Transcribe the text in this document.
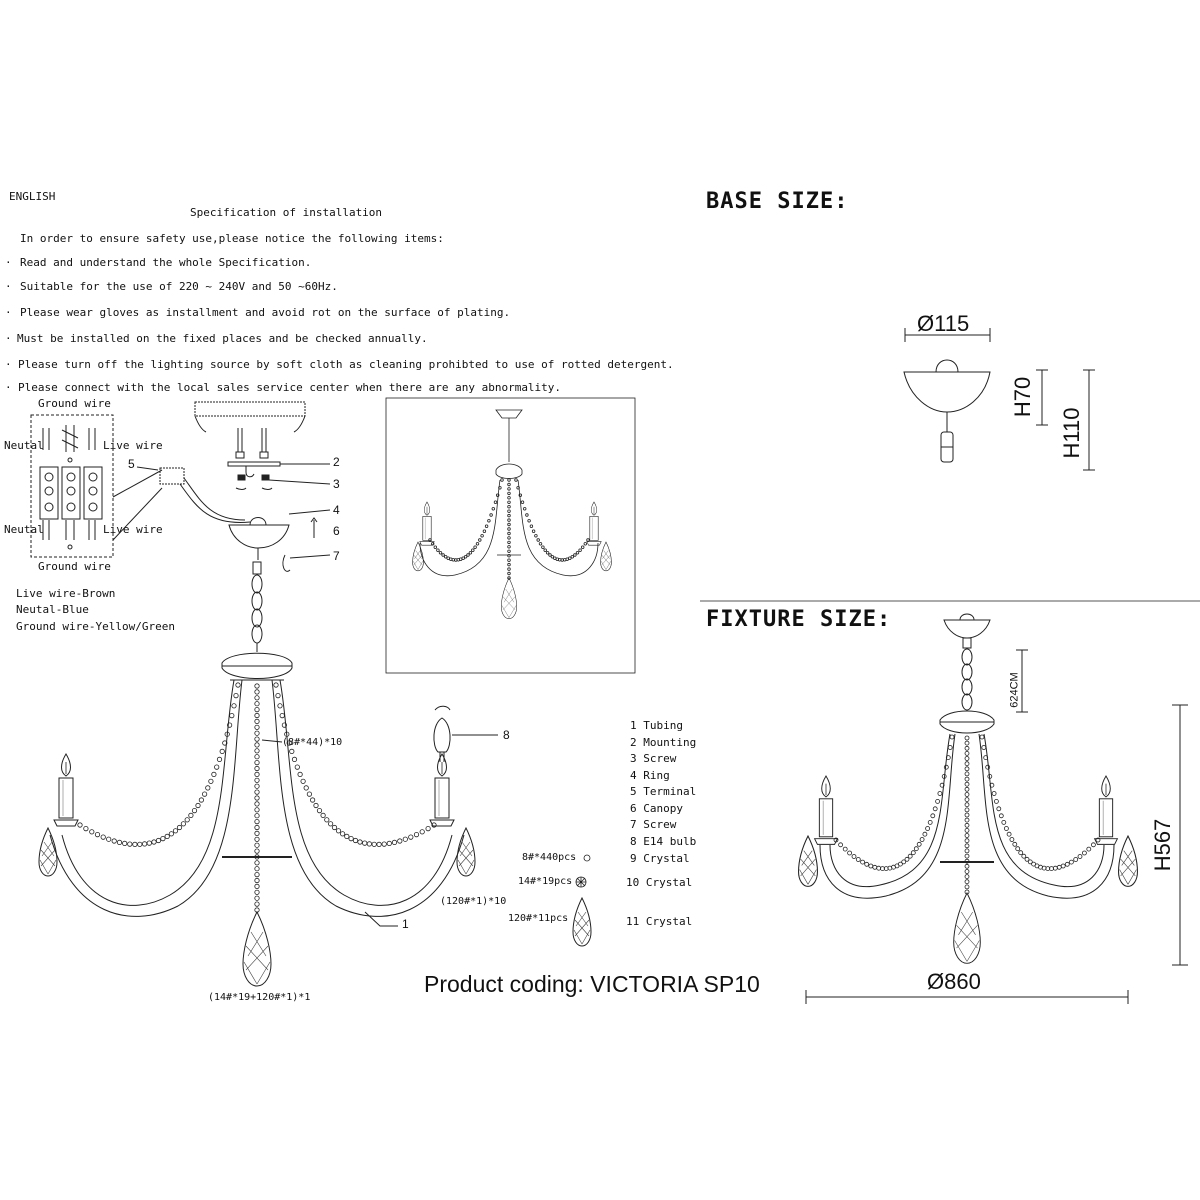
ENGLISH
Specification of installation
In order to ensure safety use,please notice the following items:
· Read and understand the whole Specification.
· Suitable for the use of 220 ~ 240V and 50 ~60Hz.
· Please wear gloves as installment and avoid rot on the surface of plating.
· Must be installed on the fixed places and be checked annually.
· Please turn off the lighting source by soft cloth as cleaning prohibted to use of rotted detergent.
· Please connect with the local sales service center when there are any abnormality.
Ground wire
Neutal	Live wire
Neutal	Live wire
Ground wire
Live wire-Brown
Neutal-Blue
Ground wire-Yellow/Green
5	2
3
4
6
7
8
1
(8#*44)*10
(120#*1)*10
(14#*19+120#*1)*1
1 Tubing
2 Mounting
3 Screw
4 Ring
5 Terminal
6 Canopy
7 Screw
8 E14 bulb
9 Crystal
10 Crystal
11 Crystal
8#*440pcs
14#*19pcs
120#*11pcs
BASE SIZE:
Ø115
FIXTURE SIZE:
Ø860
Product coding: VICTORIA SP10
H70
H110
624CM
H567
